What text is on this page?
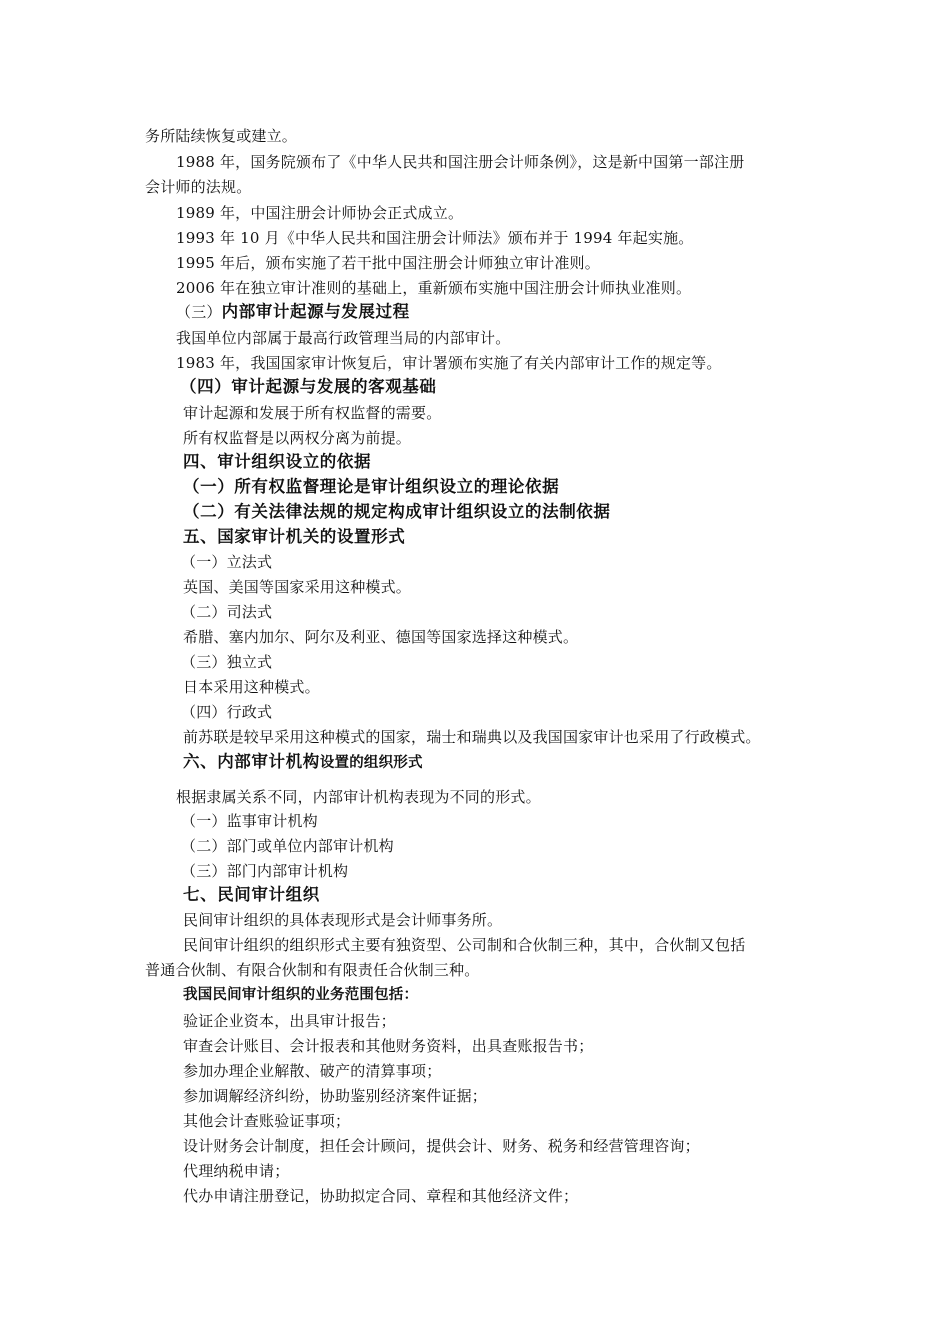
务所陆续恢复或建立。
1988 年，国务院颁布了《中华人民共和国注册会计师条例》，这是新中国第一部注册
会计师的法规。
1989 年，中国注册会计师协会正式成立。
1993 年 10 月《中华人民共和国注册会计师法》颁布并于 1994 年起实施。
1995 年后，颁布实施了若干批中国注册会计师独立审计准则。
2006 年在独立审计准则的基础上，重新颁布实施中国注册会计师执业准则。
（三）内部审计起源与发展过程
我国单位内部属于最高行政管理当局的内部审计。
1983 年，我国国家审计恢复后，审计署颁布实施了有关内部审计工作的规定等。
（四）审计起源与发展的客观基础
审计起源和发展于所有权监督的需要。
所有权监督是以两权分离为前提。
四、审计组织设立的依据
（一）所有权监督理论是审计组织设立的理论依据
（二）有关法律法规的规定构成审计组织设立的法制依据
五、国家审计机关的设置形式
（一）立法式
英国、美国等国家采用这种模式。
（二）司法式
希腊、塞内加尔、阿尔及利亚、德国等国家选择这种模式。
（三）独立式
日本采用这种模式。
（四）行政式
前苏联是较早采用这种模式的国家，瑞士和瑞典以及我国国家审计也采用了行政模式。
六、内部审计机构设置的组织形式
根据隶属关系不同，内部审计机构表现为不同的形式。
（一）监事审计机构
（二）部门或单位内部审计机构
（三）部门内部审计机构
七、民间审计组织
民间审计组织的具体表现形式是会计师事务所。
民间审计组织的组织形式主要有独资型、公司制和合伙制三种，其中，合伙制又包括
普通合伙制、有限合伙制和有限责任合伙制三种。
我国民间审计组织的业务范围包括：
验证企业资本，出具审计报告；
审查会计账目、会计报表和其他财务资料，出具查账报告书；
参加办理企业解散、破产的清算事项；
参加调解经济纠纷，协助鉴别经济案件证据；
其他会计查账验证事项；
设计财务会计制度，担任会计顾问，提供会计、财务、税务和经营管理咨询；
代理纳税申请；
代办申请注册登记，协助拟定合同、章程和其他经济文件；
